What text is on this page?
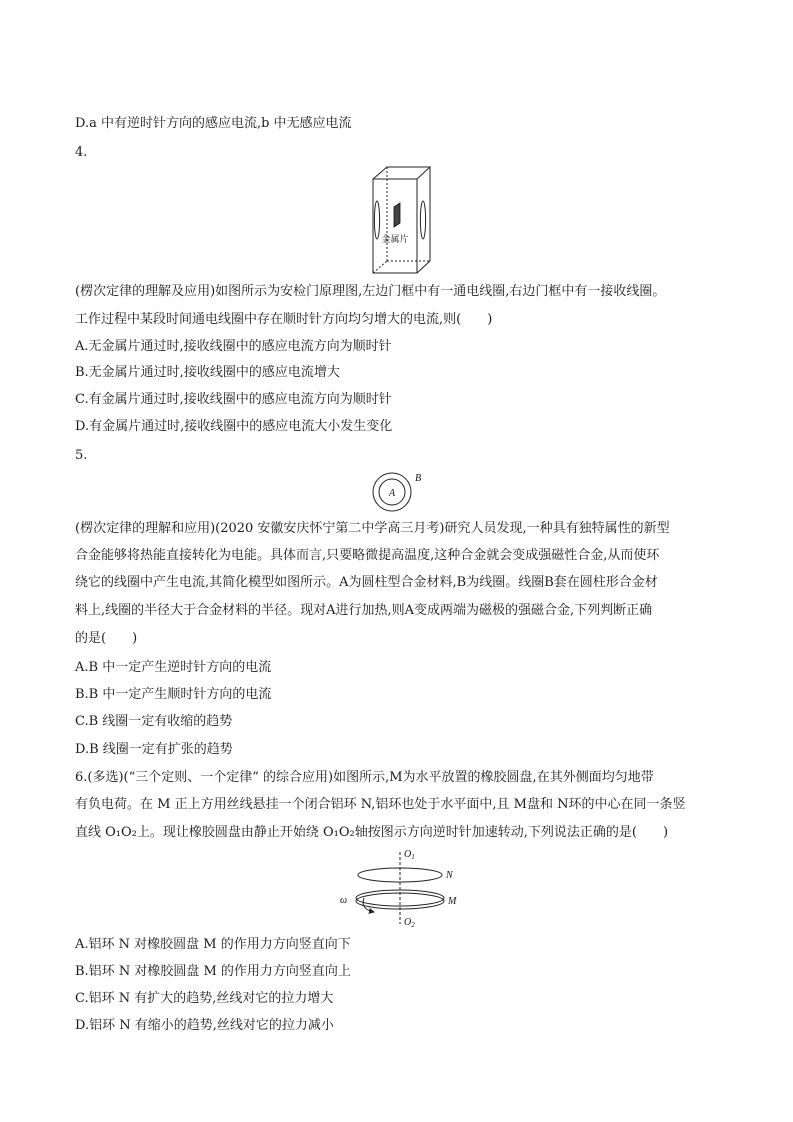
D.a 中有逆时针方向的感应电流,b 中无感应电流
4.
金属片
(楞次定律的理解及应用)如图所示为安检门原理图,左边门框中有一通电线圈,右边门框中有一接收线圈。
工作过程中某段时间通电线圈中存在顺时针方向均匀增大的电流,则(　　)
A.无金属片通过时,接收线圈中的感应电流方向为顺时针
B.无金属片通过时,接收线圈中的感应电流增大
C.有金属片通过时,接收线圈中的感应电流方向为顺时针
D.有金属片通过时,接收线圈中的感应电流大小发生变化
5.
A
B
(楞次定律的理解和应用)(2020 安徽安庆怀宁第二中学高三月考)研究人员发现,一种具有独特属性的新型
合金能够将热能直接转化为电能。具体而言,只要略微提高温度,这种合金就会变成强磁性合金,从而使环
绕它的线圈中产生电流,其简化模型如图所示。A为圆柱型合金材料,B为线圈。线圈B套在圆柱形合金材
料上,线圈的半径大于合金材料的半径。现对A进行加热,则A变成两端为磁极的强磁合金,下列判断正确
的是(　　)
A.B 中一定产生逆时针方向的电流
B.B 中一定产生顺时针方向的电流
C.B 线圈一定有收缩的趋势
D.B 线圈一定有扩张的趋势
6.(多选)(“三个定则、一个定律” 的综合应用)如图所示,M为水平放置的橡胶圆盘,在其外侧面均匀地带
有负电荷。在 M 正上方用丝线悬挂一个闭合铝环 N,铝环也处于水平面中,且 M盘和 N环的中心在同一条竖
直线 O₁O₂上。现让橡胶圆盘由静止开始绕 O₁O₂轴按图示方向逆时针加速转动,下列说法正确的是(　　)
$O_1$
$O_2$
N
M
ω
A.铝环 N 对橡胶圆盘 M 的作用力方向竖直向下
B.铝环 N 对橡胶圆盘 M 的作用力方向竖直向上
C.铝环 N 有扩大的趋势,丝线对它的拉力增大
D.铝环 N 有缩小的趋势,丝线对它的拉力减小
